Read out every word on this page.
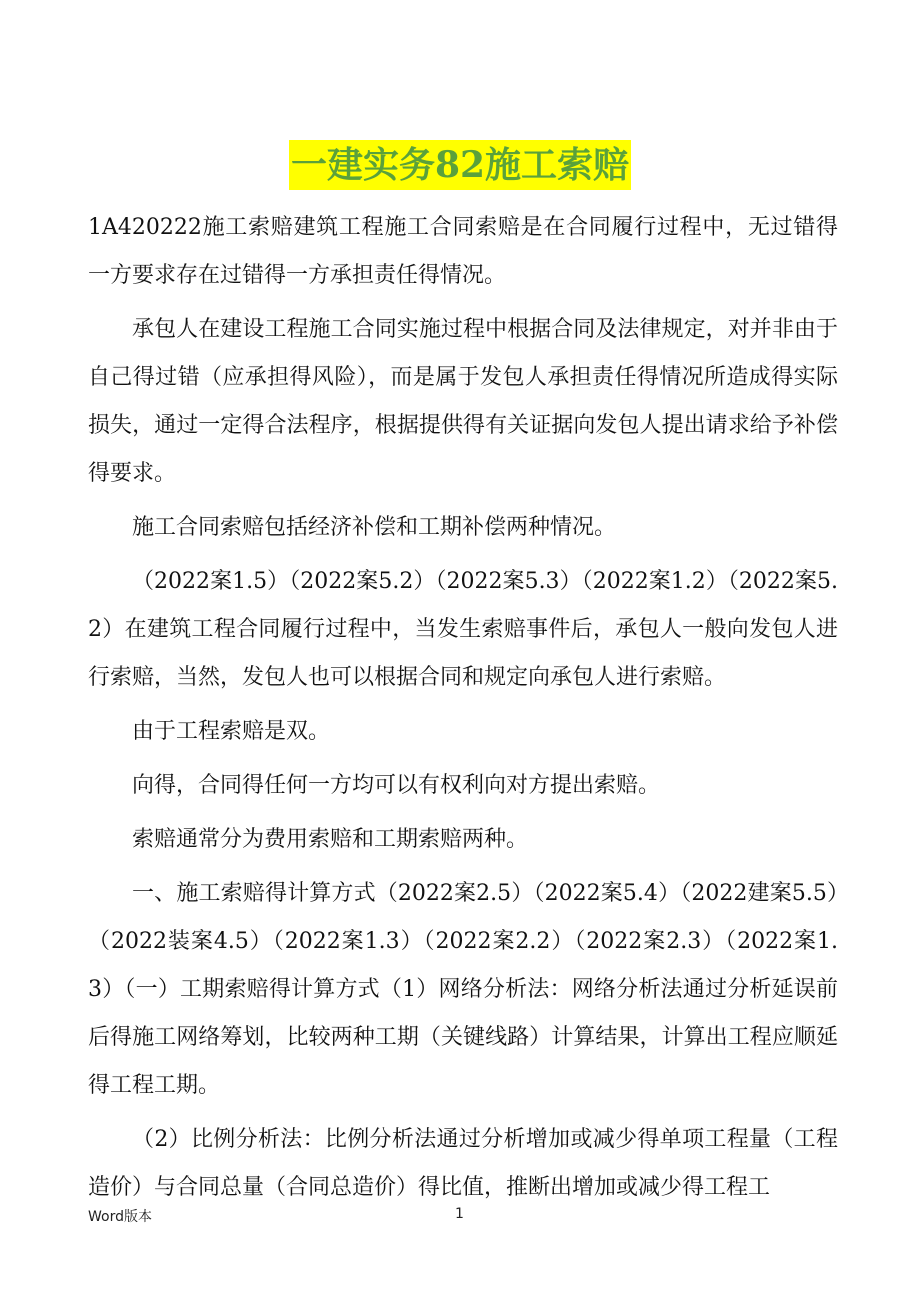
一建实务82施工索赔

1A420222施工索赔建筑工程施工合同索赔是在合同履行过程中，无过错得一方要求存在过错得一方承担责任得情况。

承包人在建设工程施工合同实施过程中根据合同及法律规定，对并非由于自己得过错（应承担得风险），而是属于发包人承担责任得情况所造成得实际损失，通过一定得合法程序，根据提供得有关证据向发包人提出请求给予补偿得要求。

施工合同索赔包括经济补偿和工期补偿两种情况。

（2022案1.5）（2022案5.2）（2022案5.3）（2022案1.2）（2022案5.2）在建筑工程合同履行过程中，当发生索赔事件后，承包人一般向发包人进行索赔，当然，发包人也可以根据合同和规定向承包人进行索赔。

由于工程索赔是双。

向得，合同得任何一方均可以有权利向对方提出索赔。

索赔通常分为费用索赔和工期索赔两种。

一、施工索赔得计算方式（2022案2.5）（2022案5.4）（2022建案5.5）（2022装案4.5）（2022案1.3）（2022案2.2）（2022案2.3）（2022案1.3）（一）工期索赔得计算方式（1）网络分析法：网络分析法通过分析延误前后得施工网络筹划，比较两种工期（关键线路）计算结果，计算出工程应顺延得工程工期。

（2）比例分析法：比例分析法通过分析增加或减少得单项工程量（工程造价）与合同总量（合同总造价）得比值，推断出增加或减少得工程工

Word版本	1
